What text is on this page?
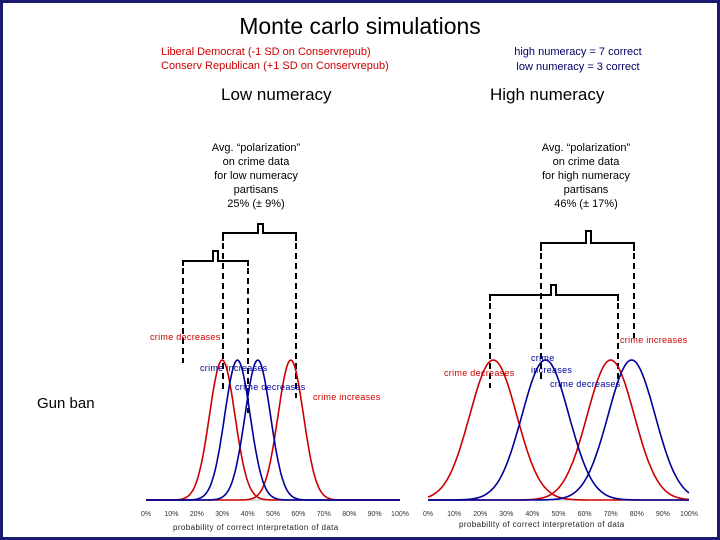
Monte carlo simulations
Liberal Democrat (-1 SD on Conservrepub)
Conserv Republican (+1 SD on Conservrepub)
high numeracy = 7 correct
low numeracy = 3 correct
Low numeracy	High numeracy
Avg. “polarization”
on crime data
for low numeracy
partisans
25% (± 9%)
Avg. “polarization”
on crime data
for high numeracy
partisans
46% (± 17%)
Gun ban
0% 10% 20% 30% 40% 50% 60% 70% 80% 90% 100%
probability of correct interpretation of data
0% 10% 20% 30% 40% 50% 60% 70% 80% 90% 100%
probability of correct interpretation of data
crime decreases
crime increases
crime decreases
crime increases
crime increases
crime
increases
crime decreases
crime decreases
